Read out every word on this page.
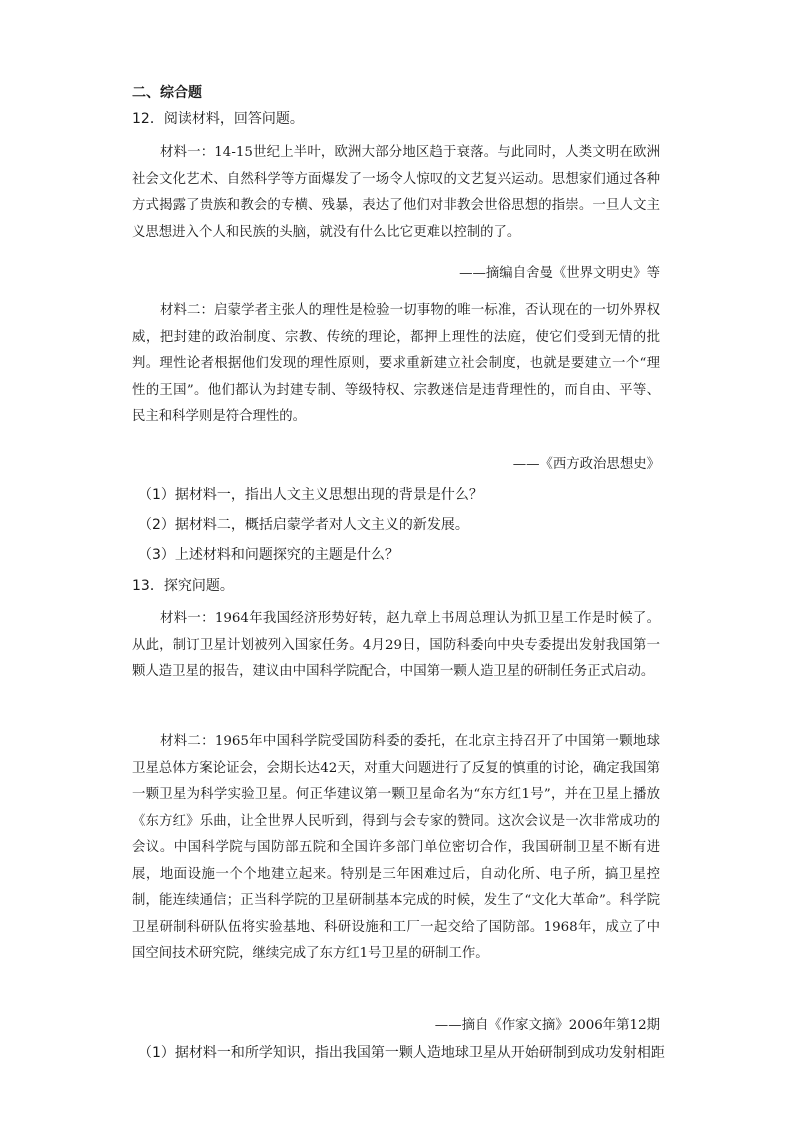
二、综合题
12．阅读材料，回答问题。
材料一：14-15世纪上半叶，欧洲大部分地区趋于衰落。与此同时，人类文明在欧洲社会文化艺术、自然科学等方面爆发了一场令人惊叹的文艺复兴运动。思想家们通过各种方式揭露了贵族和教会的专横、残暴，表达了他们对非教会世俗思想的指崇。一旦人文主义思想进入个人和民族的头脑，就没有什么比它更难以控制的了。
——摘编自舍曼《世界文明史》等
材料二：启蒙学者主张人的理性是检验一切事物的唯一标准，否认现在的一切外界权威，把封建的政治制度、宗教、传统的理论，都押上理性的法庭，使它们受到无情的批判。理性论者根据他们发现的理性原则，要求重新建立社会制度，也就是要建立一个“理性的王国”。他们都认为封建专制、等级特权、宗教迷信是违背理性的，而自由、平等、民主和科学则是符合理性的。
——《西方政治思想史》
（1）据材料一，指出人文主义思想出现的背景是什么？
（2）据材料二，概括启蒙学者对人文主义的新发展。
（3）上述材料和问题探究的主题是什么？
13．探究问题。
材料一：1964年我国经济形势好转，赵九章上书周总理认为抓卫星工作是时候了。从此，制订卫星计划被列入国家任务。4月29日，国防科委向中央专委提出发射我国第一颗人造卫星的报告，建议由中国科学院配合，中国第一颗人造卫星的研制任务正式启动。
材料二：1965年中国科学院受国防科委的委托，在北京主持召开了中国第一颗地球卫星总体方案论证会，会期长达42天，对重大问题进行了反复的慎重的讨论，确定我国第一颗卫星为科学实验卫星。何正华建议第一颗卫星命名为“东方红1号”，并在卫星上播放《东方红》乐曲，让全世界人民听到，得到与会专家的赞同。这次会议是一次非常成功的会议。中国科学院与国防部五院和全国许多部门单位密切合作，我国研制卫星不断有进展，地面设施一个个地建立起来。特别是三年困难过后，自动化所、电子所，搞卫星控制，能连续通信；正当科学院的卫星研制基本完成的时候，发生了“文化大革命”。科学院卫星研制科研队伍将实验基地、科研设施和工厂一起交给了国防部。1968年，成立了中国空间技术研究院，继续完成了东方红1号卫星的研制工作。
——摘自《作家文摘》2006年第12期
（1）据材料一和所学知识，指出我国第一颗人造地球卫星从开始研制到成功发射相距
